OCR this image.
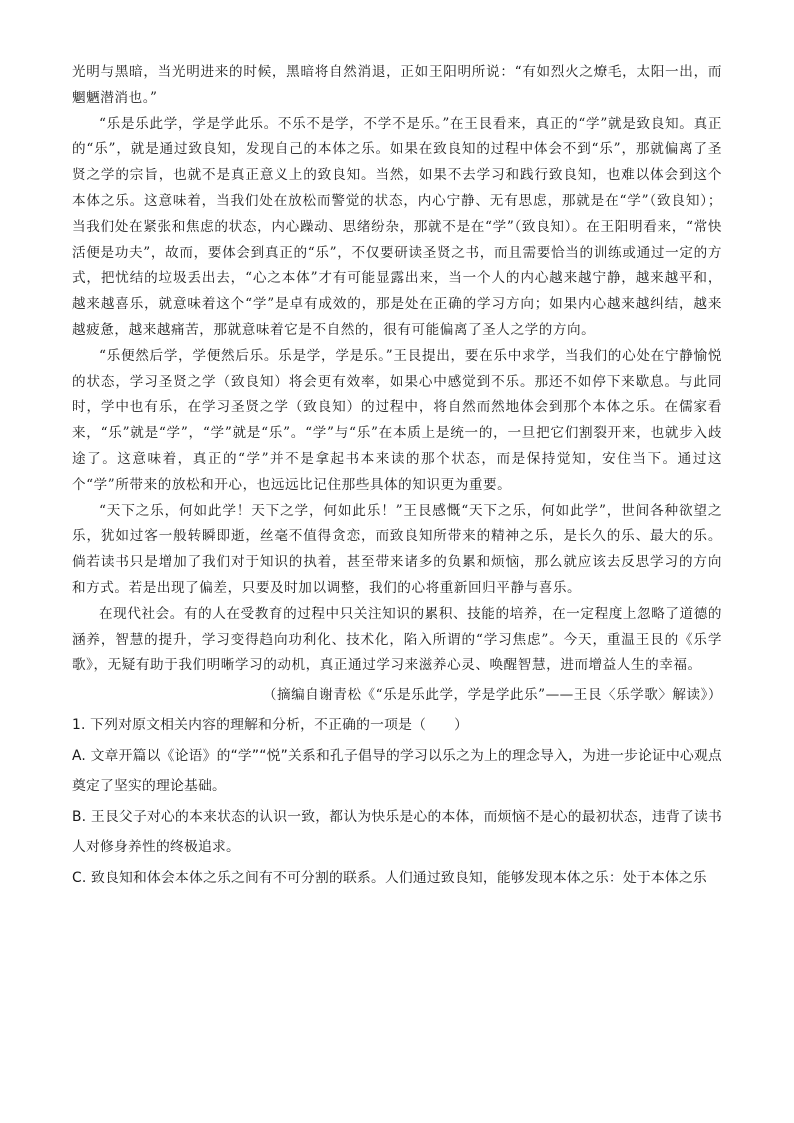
光明与黑暗，当光明进来的时候，黑暗将自然消退，正如王阳明所说：“有如烈火之燎毛，太阳一出，而魍魉潜消也。”

“乐是乐此学，学是学此乐。不乐不是学，不学不是乐。”在王艮看来，真正的“学”就是致良知。真正的“乐”，就是通过致良知，发现自己的本体之乐。如果在致良知的过程中体会不到“乐”，那就偏离了圣贤之学的宗旨，也就不是真正意义上的致良知。当然，如果不去学习和践行致良知，也难以体会到这个本体之乐。这意味着，当我们处在放松而警觉的状态，内心宁静、无有思虑，那就是在“学”（致良知）；当我们处在紧张和焦虑的状态，内心躁动、思绪纷杂，那就不是在“学”（致良知）。在王阳明看来，“常快活便是功夫”，故而，要体会到真正的“乐”，不仅要研读圣贤之书，而且需要恰当的训练或通过一定的方式，把忧结的垃圾丢出去，“心之本体”才有可能显露出来，当一个人的内心越来越宁静，越来越平和，越来越喜乐，就意味着这个“学”是卓有成效的，那是处在正确的学习方向；如果内心越来越纠结，越来越疲惫，越来越痛苦，那就意味着它是不自然的，很有可能偏离了圣人之学的方向。

“乐便然后学，学便然后乐。乐是学，学是乐。”王艮提出，要在乐中求学，当我们的心处在宁静愉悦的状态，学习圣贤之学（致良知）将会更有效率，如果心中感觉到不乐。那还不如停下来歇息。与此同时，学中也有乐，在学习圣贤之学（致良知）的过程中，将自然而然地体会到那个本体之乐。在儒家看来，“乐”就是“学”，“学”就是“乐”。“学”与“乐”在本质上是统一的，一旦把它们割裂开来，也就步入歧途了。这意味着，真正的“学”并不是拿起书本来读的那个状态，而是保持觉知，安住当下。通过这个“学”所带来的放松和开心，也远远比记住那些具体的知识更为重要。

“天下之乐，何如此学！天下之学，何如此乐！”王艮感慨“天下之乐，何如此学”，世间各种欲望之乐，犹如过客一般转瞬即逝，丝毫不值得贪恋，而致良知所带来的精神之乐，是长久的乐、最大的乐。倘若读书只是增加了我们对于知识的执着，甚至带来诸多的负累和烦恼，那么就应该去反思学习的方向和方式。若是出现了偏差，只要及时加以调整，我们的心将重新回归平静与喜乐。

在现代社会。有的人在受教育的过程中只关注知识的累积、技能的培养，在一定程度上忽略了道德的涵养，智慧的提升，学习变得趋向功利化、技术化，陷入所谓的“学习焦虑”。今天，重温王艮的《乐学歌》，无疑有助于我们明晰学习的动机，真正通过学习来滋养心灵、唤醒智慧，进而增益人生的幸福。

（摘编自谢青松《“乐是乐此学，学是学此乐”——王艮〈乐学歌〉解读》）

1. 下列对原文相关内容的理解和分析，不正确的一项是（　　）

A. 文章开篇以《论语》的“学”“悦”关系和孔子倡导的学习以乐之为上的理念导入，为进一步论证中心观点奠定了坚实的理论基础。

B. 王艮父子对心的本来状态的认识一致，都认为快乐是心的本体，而烦恼不是心的最初状态，违背了读书人对修身养性的终极追求。

C. 致良知和体会本体之乐之间有不可分割的联系。人们通过致良知，能够发现本体之乐：处于本体之乐
